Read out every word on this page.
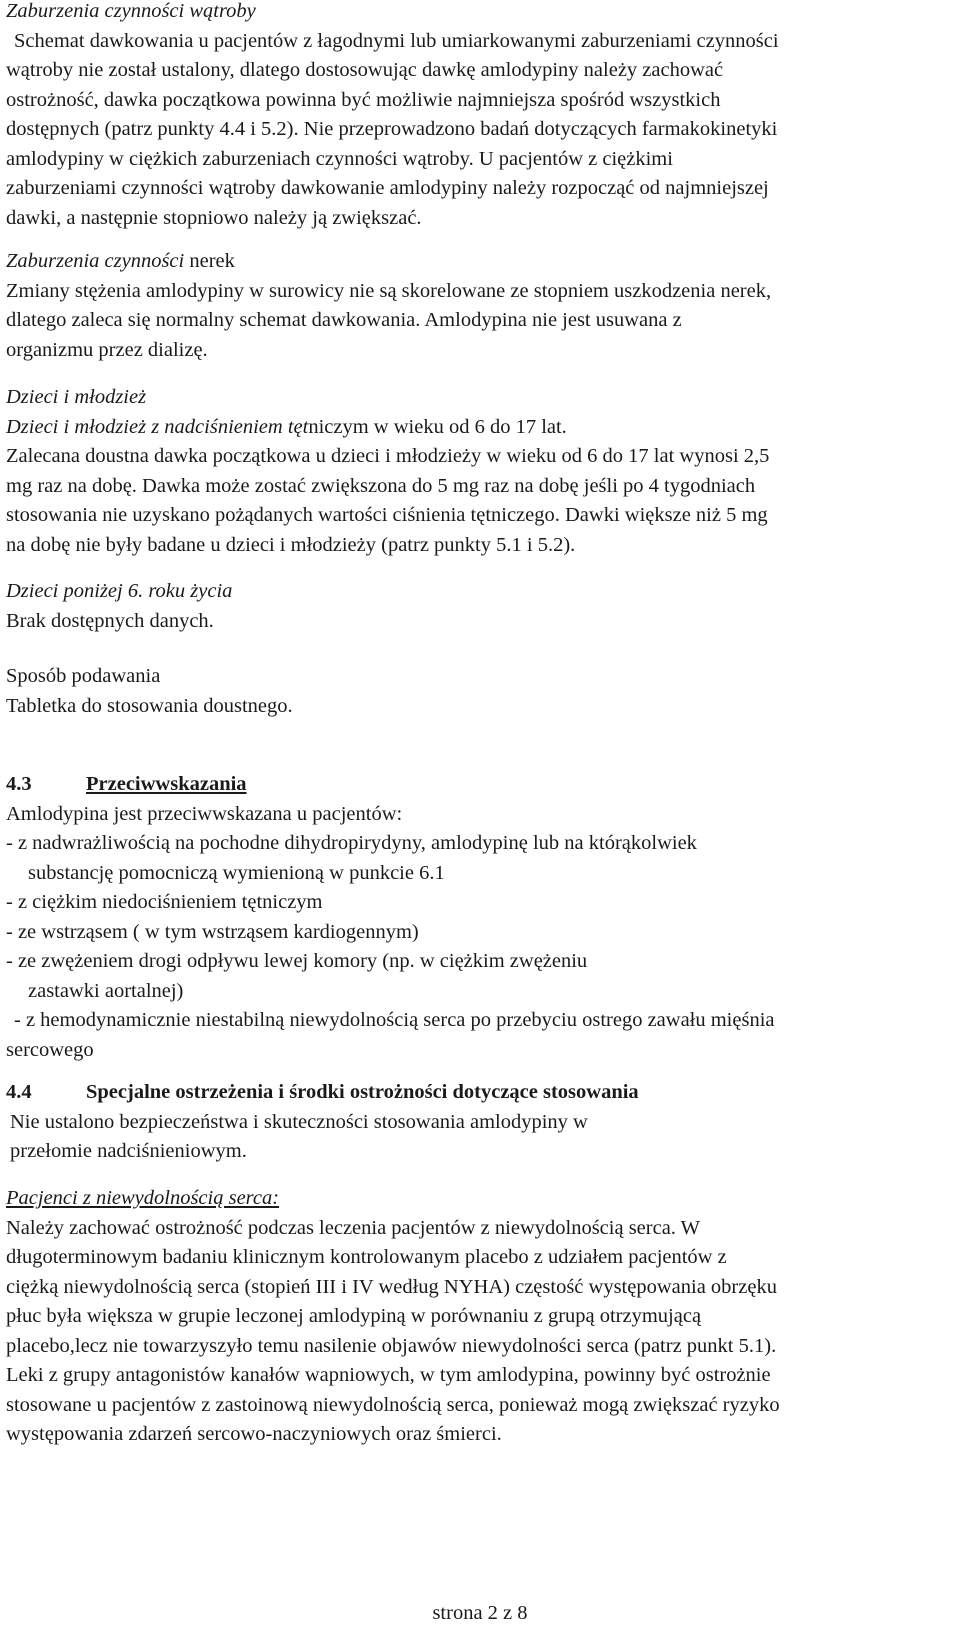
Zaburzenia czynności wątroby
Schemat dawkowania u pacjentów z łagodnymi lub umiarkowanymi zaburzeniami czynności
wątroby nie został ustalony, dlatego dostosowując dawkę amlodypiny należy zachować
ostrożność, dawka początkowa powinna być możliwie najmniejsza spośród wszystkich
dostępnych (patrz punkty 4.4 i 5.2). Nie przeprowadzono badań dotyczących farmakokinetyki
amlodypiny w ciężkich zaburzeniach czynności wątroby. U pacjentów z ciężkimi
zaburzeniami czynności wątroby dawkowanie amlodypiny należy rozpocząć od najmniejszej
dawki, a następnie stopniowo należy ją zwiększać.
Zaburzenia czynności nerek
Zmiany stężenia amlodypiny w surowicy nie są skorelowane ze stopniem uszkodzenia nerek,
dlatego zaleca się normalny schemat dawkowania. Amlodypina nie jest usuwana z
organizmu przez dializę.
Dzieci i młodzież
Dzieci i młodzież z nadciśnieniem tętniczym w wieku od 6 do 17 lat.
Zalecana doustna dawka początkowa u dzieci i młodzieży w wieku od 6 do 17 lat wynosi 2,5
mg raz na dobę. Dawka może zostać zwiększona do 5 mg raz na dobę jeśli po 4 tygodniach
stosowania nie uzyskano pożądanych wartości ciśnienia tętniczego. Dawki większe niż 5 mg
na dobę nie były badane u dzieci i młodzieży (patrz punkty 5.1 i 5.2).
Dzieci poniżej 6. roku życia
Brak dostępnych danych.
Sposób podawania
Tabletka do stosowania doustnego.
4.3	Przeciwwskazania
Amlodypina jest przeciwwskazana u pacjentów:
- z nadwrażliwością na pochodne dihydropirydyny, amlodypinę lub na którąkolwiek
substancję pomocniczą wymienioną w punkcie 6.1
- z ciężkim niedociśnieniem tętniczym
- ze wstrząsem ( w tym wstrząsem kardiogennym)
- ze zwężeniem drogi odpływu lewej komory (np. w ciężkim zwężeniu
zastawki aortalnej)
- z hemodynamicznie niestabilną niewydolnością serca po przebyciu ostrego zawału mięśnia
sercowego
4.4	Specjalne ostrzeżenia i środki ostrożności dotyczące stosowania
Nie ustalono bezpieczeństwa i skuteczności stosowania amlodypiny w
przełomie nadciśnieniowym.
Pacjenci z niewydolnością serca:
Należy zachować ostrożność podczas leczenia pacjentów z niewydolnością serca. W
długoterminowym badaniu klinicznym kontrolowanym placebo z udziałem pacjentów z
ciężką niewydolnością serca (stopień III i IV według NYHA) częstość występowania obrzęku
płuc była większa w grupie leczonej amlodypiną w porównaniu z grupą otrzymującą
placebo,lecz nie towarzyszyło temu nasilenie objawów niewydolności serca (patrz punkt 5.1).
Leki z grupy antagonistów kanałów wapniowych, w tym amlodypina, powinny być ostrożnie
stosowane u pacjentów z zastoinową niewydolnością serca, ponieważ mogą zwiększać ryzyko
występowania zdarzeń sercowo-naczyniowych oraz śmierci.
strona 2 z 8
